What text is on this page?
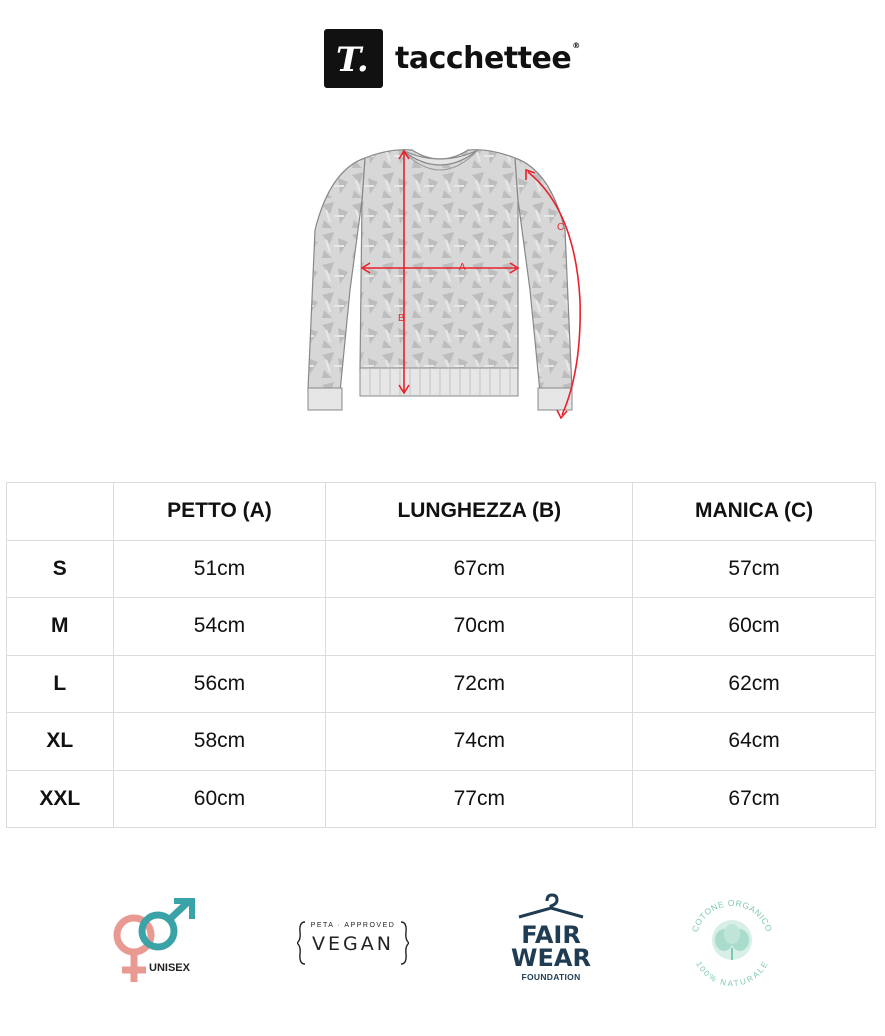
T. tacchettee®
A
B
C
	PETTO (A)	LUNGHEZZA (B)	MANICA (C)
S	51cm	67cm	57cm
M	54cm	70cm	60cm
L	56cm	72cm	62cm
XL	58cm	74cm	64cm
XXL	60cm	77cm	67cm
UNISEX
PETA · APPROVED
VEGAN	FAIR
WEAR
FOUNDATION
COTONE ORGANICO
100% NATURALE
